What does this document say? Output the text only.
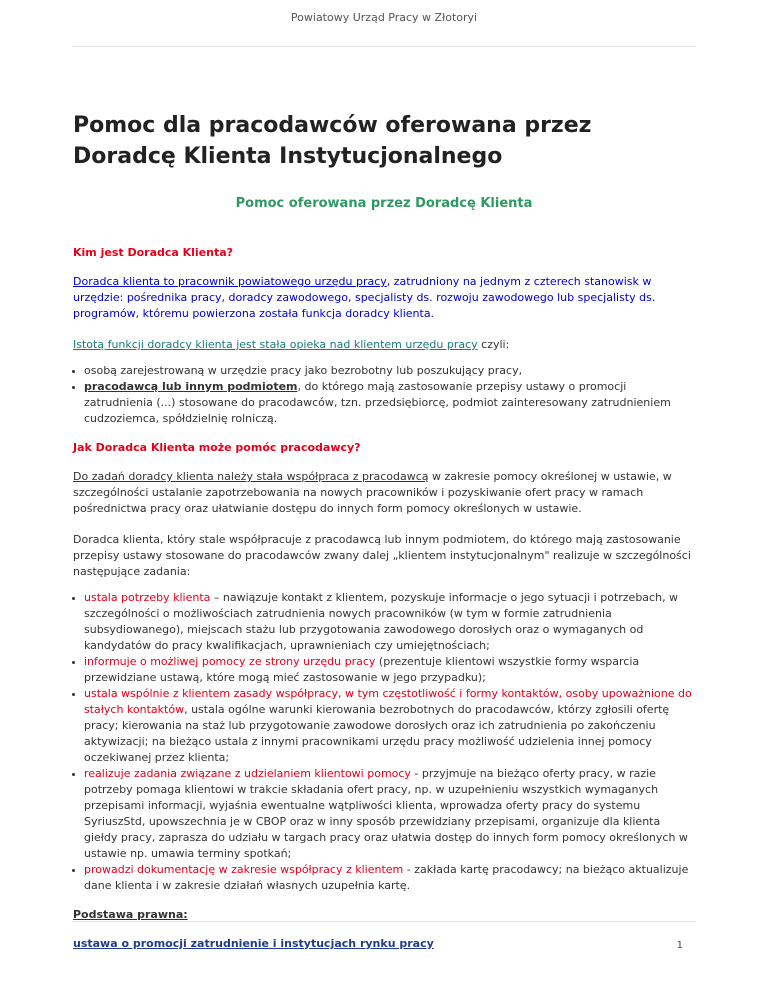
Powiatowy Urząd Pracy w Złotoryi
Pomoc dla pracodawców oferowana przez Doradcę Klienta Instytucjonalnego
Pomoc oferowana przez Doradcę Klienta
Kim jest Doradca Klienta?

Doradca klienta to pracownik powiatowego urzędu pracy, zatrudniony na jednym z czterech stanowisk w urzędzie: pośrednika pracy, doradcy zawodowego, specjalisty ds. rozwoju zawodowego lub specjalisty ds. programów, któremu powierzona została funkcja doradcy klienta.

Istotą funkcji doradcy klienta jest stała opieka nad klientem urzędu pracy czyli:

• osobą zarejestrowaną w urzędzie pracy jako bezrobotny lub poszukujący pracy,
• pracodawcą lub innym podmiotem, do którego mają zastosowanie przepisy ustawy o promocji zatrudnienia (...) stosowane do pracodawców, tzn. przedsiębiorcę, podmiot zainteresowany zatrudnieniem cudzoziemca, spółdzielnię rolniczą.
Jak Doradca Klienta może pomóc pracodawcy?

Do zadań doradcy klienta należy stała współpraca z pracodawcą w zakresie pomocy określonej w ustawie, w szczególności ustalanie zapotrzebowania na nowych pracowników i pozyskiwanie ofert pracy w ramach pośrednictwa pracy oraz ułatwianie dostępu do innych form pomocy określonych w ustawie.

Doradca klienta, który stale współpracuje z pracodawcą lub innym podmiotem, do którego mają zastosowanie przepisy ustawy stosowane do pracodawców zwany dalej „klientem instytucjonalnym" realizuje w szczególności następujące zadania:

• ustala potrzeby klienta – nawiązuje kontakt z klientem, pozyskuje informacje o jego sytuacji i potrzebach, w szczególności o możliwościach zatrudnienia nowych pracowników (w tym w formie zatrudnienia subsydiowanego), miejscach stażu lub przygotowania zawodowego dorosłych oraz o wymaganych od kandydatów do pracy kwalifikacjach, uprawnieniach czy umiejętnościach;
• informuje o możliwej pomocy ze strony urzędu pracy (prezentuje klientowi wszystkie formy wsparcia przewidziane ustawą, które mogą mieć zastosowanie w jego przypadku);
• ustala wspólnie z klientem zasady współpracy, w tym częstotliwość i formy kontaktów, osoby upoważnione do stałych kontaktów, ustala ogólne warunki kierowania bezrobotnych do pracodawców, którzy zgłosili ofertę pracy; kierowania na staż lub przygotowanie zawodowe dorosłych oraz ich zatrudnienia po zakończeniu aktywizacji; na bieżąco ustala z innymi pracownikami urzędu pracy możliwość udzielenia innej pomocy oczekiwanej przez klienta;
• realizuje zadania związane z udzielaniem klientowi pomocy - przyjmuje na bieżąco oferty pracy, w razie potrzeby pomaga klientowi w trakcie składania ofert pracy, np. w uzupełnieniu wszystkich wymaganych przepisami informacji, wyjaśnia ewentualne wątpliwości klienta, wprowadza oferty pracy do systemu SyriuszStd, upowszechnia je w CBOP oraz w inny sposób przewidziany przepisami, organizuje dla klienta giełdy pracy, zaprasza do udziału w targach pracy oraz ułatwia dostęp do innych form pomocy określonych w ustawie np. umawia terminy spotkań;
• prowadzi dokumentację w zakresie współpracy z klientem - zakłada kartę pracodawcy; na bieżąco aktualizuje dane klienta i w zakresie działań własnych uzupełnia kartę.
Podstawa prawna:
ustawa o promocji zatrudnienie i instytucjach rynku pracy	1
